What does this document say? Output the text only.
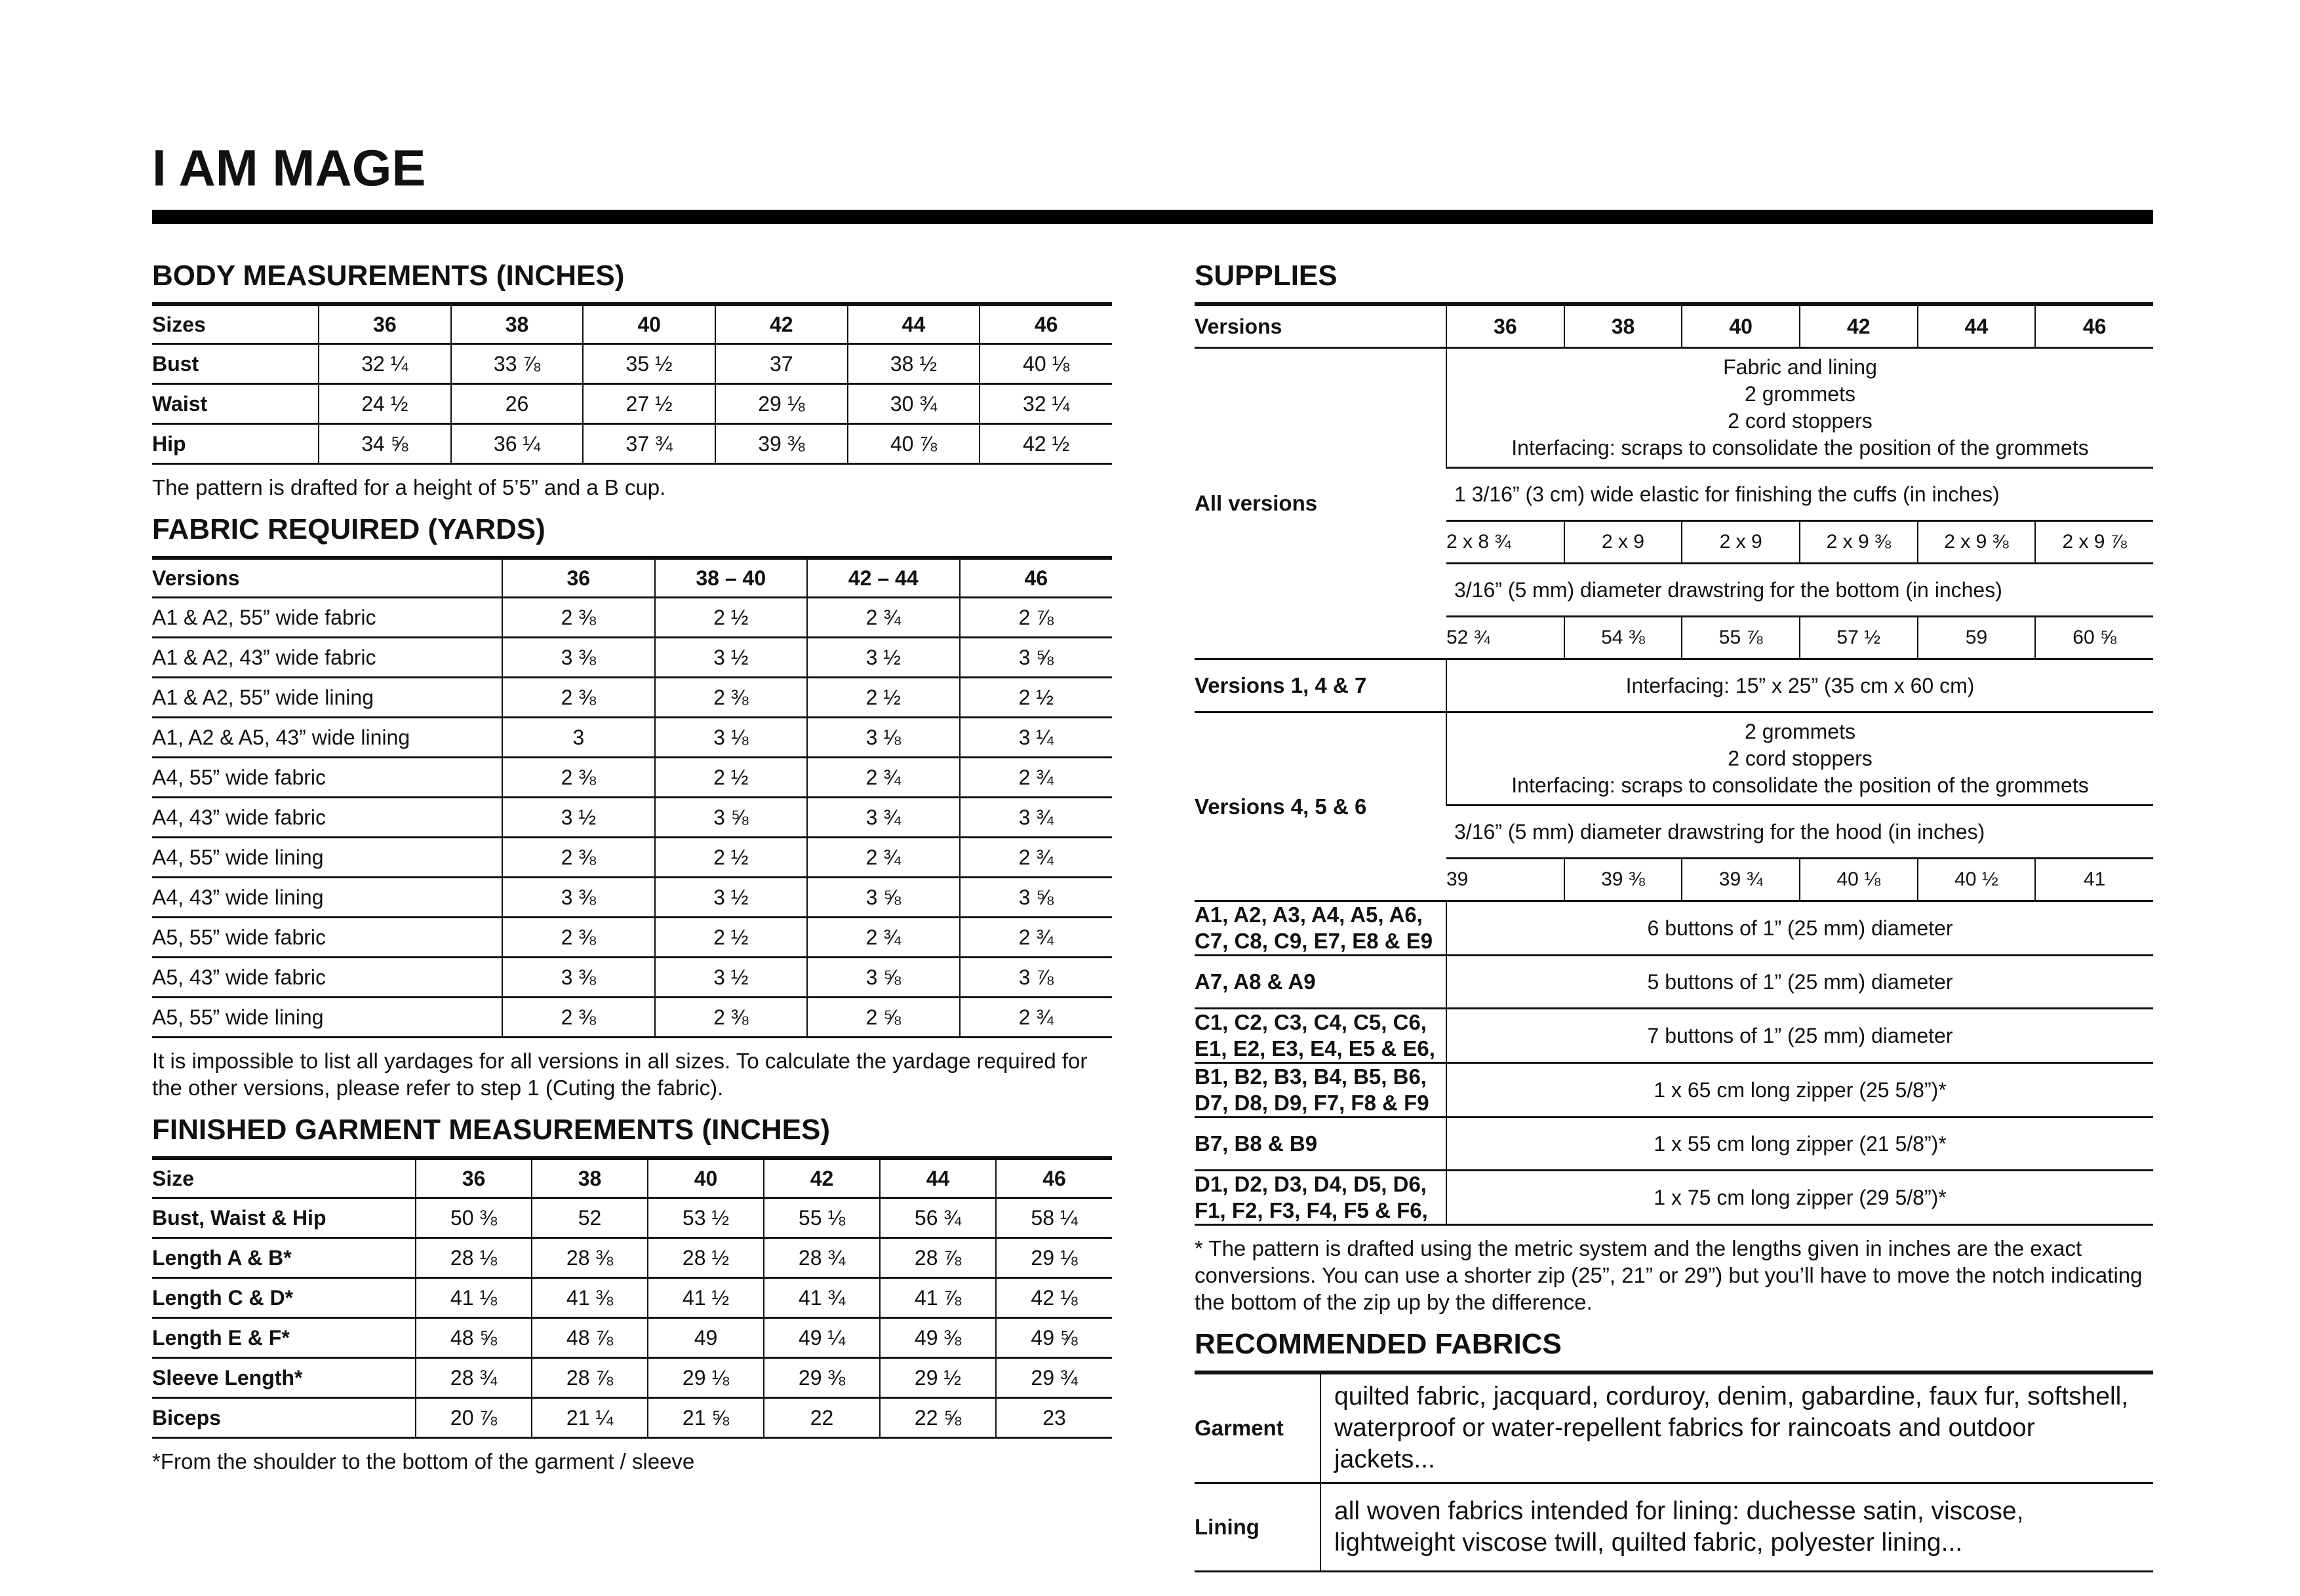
I AM MAGE
BODY MEASUREMENTS (INCHES)
Sizes	36	38	40	42	44	46
Bust	32 ¼	33 ⅞	35 ½	37	38 ½	40 ⅛
Waist	24 ½	26	27 ½	29 ⅛	30 ¾	32 ¼
Hip	34 ⅝	36 ¼	37 ¾	39 ⅜	40 ⅞	42 ½

The pattern is drafted for a height of 5’5” and a B cup.

FABRIC REQUIRED (YARDS)
Versions	36	38 – 40	42 – 44	46
A1 & A2, 55” wide fabric	2 ⅜	2 ½	2 ¾	2 ⅞
A1 & A2, 43” wide fabric	3 ⅜	3 ½	3 ½	3 ⅝
A1 & A2, 55” wide lining	2 ⅜	2 ⅜	2 ½	2 ½
A1, A2 & A5, 43” wide lining	3	3 ⅛	3 ⅛	3 ¼
A4, 55” wide fabric	2 ⅜	2 ½	2 ¾	2 ¾
A4, 43” wide fabric	3 ½	3 ⅝	3 ¾	3 ¾
A4, 55” wide lining	2 ⅜	2 ½	2 ¾	2 ¾
A4, 43” wide lining	3 ⅜	3 ½	3 ⅝	3 ⅝
A5, 55” wide fabric	2 ⅜	2 ½	2 ¾	2 ¾
A5, 43” wide fabric	3 ⅜	3 ½	3 ⅝	3 ⅞
A5, 55” wide lining	2 ⅜	2 ⅜	2 ⅝	2 ¾

It is impossible to list all yardages for all versions in all sizes. To calculate the yardage required for the other versions, please refer to step 1 (Cuting the fabric).

FINISHED GARMENT MEASUREMENTS (INCHES)
Size	36	38	40	42	44	46
Bust, Waist & Hip	50 ⅜	52	53 ½	55 ⅛	56 ¾	58 ¼
Length A & B*	28 ⅛	28 ⅜	28 ½	28 ¾	28 ⅞	29 ⅛
Length C & D*	41 ⅛	41 ⅜	41 ½	41 ¾	41 ⅞	42 ⅛
Length E & F*	48 ⅝	48 ⅞	49	49 ¼	49 ⅜	49 ⅝
Sleeve Length*	28 ¾	28 ⅞	29 ⅛	29 ⅜	29 ½	29 ¾
Biceps	20 ⅞	21 ¼	21 ⅝	22	22 ⅝	23

*From the shoulder to the bottom of the garment / sleeve

SUPPLIES
Versions	36	38	40	42	44	46
All versions	Fabric and lining
2 grommets
2 cord stoppers
Interfacing: scraps to consolidate the position of the grommets					

	1 3/16” (3 cm) wide elastic for finishing the cuffs (in inches)					
	2 x 8 ¾	2 x 9	2 x 9	2 x 9 ⅜	2 x 9 ⅜	2 x 9 ⅞
	3/16” (5 mm) diameter drawstring for the bottom (in inches)					
	52 ¾	54 ⅜	55 ⅞	57 ½	59	60 ⅝
Versions 1, 4 & 7	Interfacing: 15” x 25” (35 cm x 60 cm)					
Versions 4, 5 & 6	2 grommets
2 cord stoppers
Interfacing: scraps to consolidate the position of the grommets					

	3/16” (5 mm) diameter drawstring for the hood (in inches)					
	39	39 ⅜	39 ¾	40 ⅛	40 ½	41

A1, A2, A3, A4, A5, A6,
C7, C8, C9, E7, E8 & E9	6 buttons of 1” (25 mm) diameter					
A7, A8 & A9	5 buttons of 1” (25 mm) diameter					

C1, C2, C3, C4, C5, C6,
E1, E2, E3, E4, E5 & E6,	7 buttons of 1” (25 mm) diameter					

B1, B2, B3, B4, B5, B6,
D7, D8, D9, F7, F8 & F9	1 x 65 cm long zipper (25 5/8”)*					
B7, B8 & B9	1 x 55 cm long zipper (21 5/8”)*					

D1, D2, D3, D4, D5, D6,
F1, F2, F3, F4, F5 & F6,	1 x 75 cm long zipper (29 5/8”)*					

* The pattern is drafted using the metric system and the lengths given in inches are the exact conversions. You can use a shorter zip (25”, 21” or 29”) but you’ll have to move the notch indicating the bottom of the zip up by the difference.

RECOMMENDED FABRICS
Garment	quilted fabric, jacquard, corduroy, denim, gabardine, faux fur, softshell, waterproof or water-repellent fabrics for raincoats and outdoor jackets...
Lining	all woven fabrics intended for lining: duchesse satin, viscose, lightweight viscose twill, quilted fabric, polyester lining...
